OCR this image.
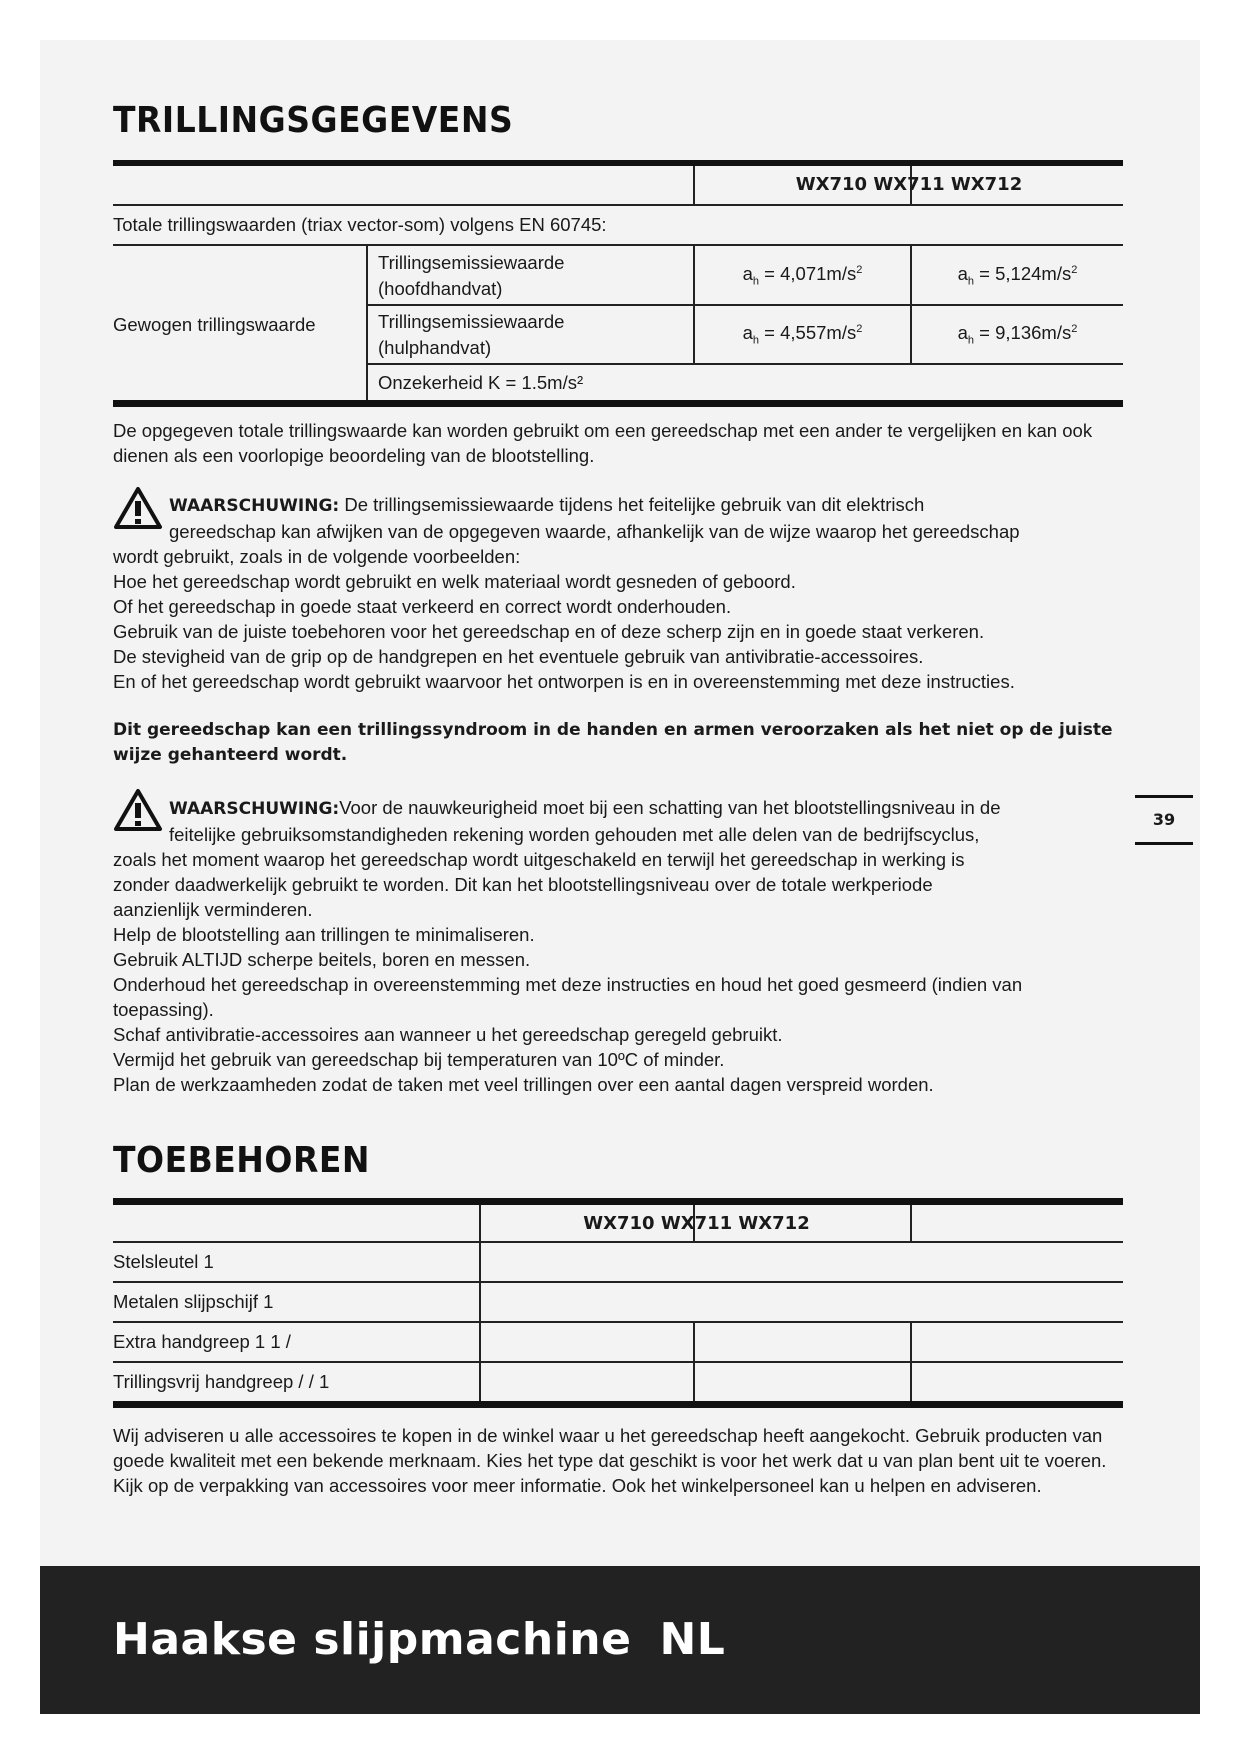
TRILLINGSGEGEVENS
WX710 WX711 WX712
Totale trillingswaarden (triax vector-som) volgens EN 60745:
Gewogen trillingswaarde
Trillingsemissiewaarde
(hoofdhandvat)
$a_h = 4,071m/s^2$	$a_h = 5,124m/s^2$
Trillingsemissiewaarde
(hulphandvat)
$a_h = 4,557m/s^2$	$a_h = 9,136m/s^2$
Onzekerheid K = 1.5m/s²
De opgegeven totale trillingswaarde kan worden gebruikt om een gereedschap met een ander te vergelijken en kan ook dienen als een voorlopige beoordeling van de blootstelling.
WAARSCHUWING: De trillingsemissiewaarde tijdens het feitelijke gebruik van dit elektrisch
gereedschap kan afwijken van de opgegeven waarde, afhankelijk van de wijze waarop het gereedschap
wordt gebruikt, zoals in de volgende voorbeelden:
Hoe het gereedschap wordt gebruikt en welk materiaal wordt gesneden of geboord.
Of het gereedschap in goede staat verkeerd en correct wordt onderhouden.
Gebruik van de juiste toebehoren voor het gereedschap en of deze scherp zijn en in goede staat verkeren.
De stevigheid van de grip op de handgrepen en het eventuele gebruik van antivibratie-accessoires.
En of het gereedschap wordt gebruikt waarvoor het ontworpen is en in overeenstemming met deze instructies.
Dit gereedschap kan een trillingssyndroom in de handen en armen veroorzaken als het niet op de juiste wijze gehanteerd wordt.
WAARSCHUWING:Voor de nauwkeurigheid moet bij een schatting van het blootstellingsniveau in de
feitelijke gebruiksomstandigheden rekening worden gehouden met alle delen van de bedrijfscyclus,
zoals het moment waarop het gereedschap wordt uitgeschakeld en terwijl het gereedschap in werking is
zonder daadwerkelijk gebruikt te worden. Dit kan het blootstellingsniveau over de totale werkperiode
aanzienlijk verminderen.
Help de blootstelling aan trillingen te minimaliseren.
Gebruik ALTIJD scherpe beitels, boren en messen.
Onderhoud het gereedschap in overeenstemming met deze instructies en houd het goed gesmeerd (indien van
toepassing).
Schaf antivibratie-accessoires aan wanneer u het gereedschap geregeld gebruikt.
Vermijd het gebruik van gereedschap bij temperaturen van 10ºC of minder.
Plan de werkzaamheden zodat de taken met veel trillingen over een aantal dagen verspreid worden.
39
TOEBEHOREN
WX710 WX711 WX712
Stelsleutel 1
Metalen slijpschijf 1
Extra handgreep 1 1 /
Trillingsvrij handgreep / / 1
Wij adviseren u alle accessoires te kopen in de winkel waar u het gereedschap heeft aangekocht. Gebruik producten van goede kwaliteit met een bekende merknaam. Kies het type dat geschikt is voor het werk dat u van plan bent uit te voeren. Kijk op de verpakking van accessoires voor meer informatie. Ook het winkelpersoneel kan u helpen en adviseren.
Haakse slijpmachine NL
